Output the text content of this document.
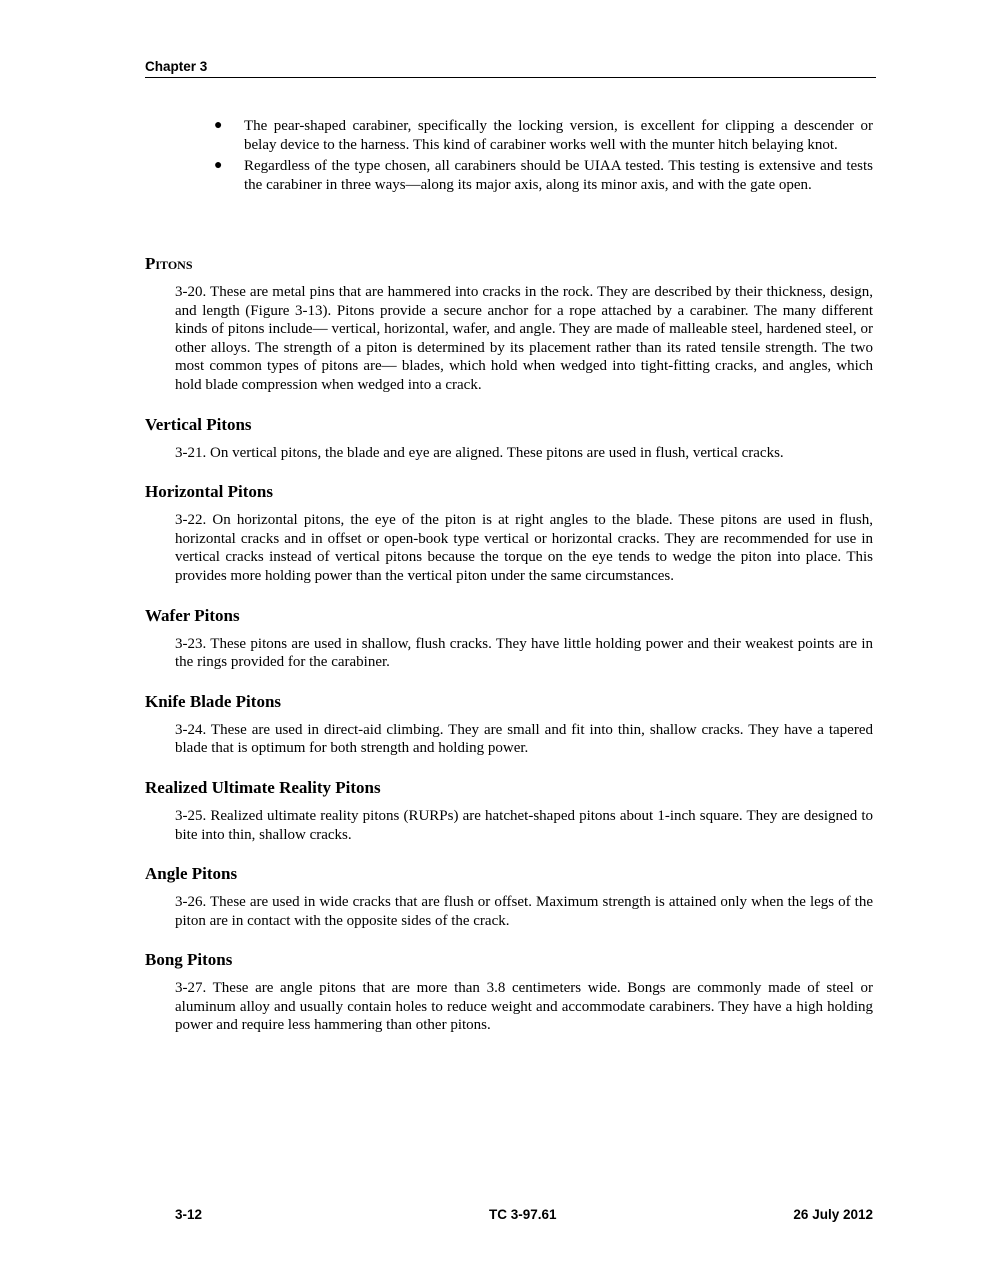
Chapter 3
● The pear-shaped carabiner, specifically the locking version, is excellent for clipping a descender or belay device to the harness. This kind of carabiner works well with the munter hitch belaying knot.
● Regardless of the type chosen, all carabiners should be UIAA tested. This testing is extensive and tests the carabiner in three ways—along its major axis, along its minor axis, and with the gate open.
Pitons

3-20. These are metal pins that are hammered into cracks in the rock. They are described by their thickness, design, and length (Figure 3-13). Pitons provide a secure anchor for a rope attached by a carabiner. The many different kinds of pitons include— vertical, horizontal, wafer, and angle. They are made of malleable steel, hardened steel, or other alloys. The strength of a piton is determined by its placement rather than its rated tensile strength. The two most common types of pitons are— blades, which hold when wedged into tight-fitting cracks, and angles, which hold blade compression when wedged into a crack.

Vertical Pitons

3-21. On vertical pitons, the blade and eye are aligned. These pitons are used in flush, vertical cracks.

Horizontal Pitons

3-22. On horizontal pitons, the eye of the piton is at right angles to the blade. These pitons are used in flush, horizontal cracks and in offset or open-book type vertical or horizontal cracks. They are recommended for use in vertical cracks instead of vertical pitons because the torque on the eye tends to wedge the piton into place. This provides more holding power than the vertical piton under the same circumstances.

Wafer Pitons

3-23. These pitons are used in shallow, flush cracks. They have little holding power and their weakest points are in the rings provided for the carabiner.

Knife Blade Pitons

3-24. These are used in direct-aid climbing. They are small and fit into thin, shallow cracks. They have a tapered blade that is optimum for both strength and holding power.

Realized Ultimate Reality Pitons

3-25. Realized ultimate reality pitons (RURPs) are hatchet-shaped pitons about 1-inch square. They are designed to bite into thin, shallow cracks.

Angle Pitons

3-26. These are used in wide cracks that are flush or offset. Maximum strength is attained only when the legs of the piton are in contact with the opposite sides of the crack.

Bong Pitons

3-27. These are angle pitons that are more than 3.8 centimeters wide. Bongs are commonly made of steel or aluminum alloy and usually contain holes to reduce weight and accommodate carabiners. They have a high holding power and require less hammering than other pitons.

3-12	TC 3-97.61	26 July 2012
